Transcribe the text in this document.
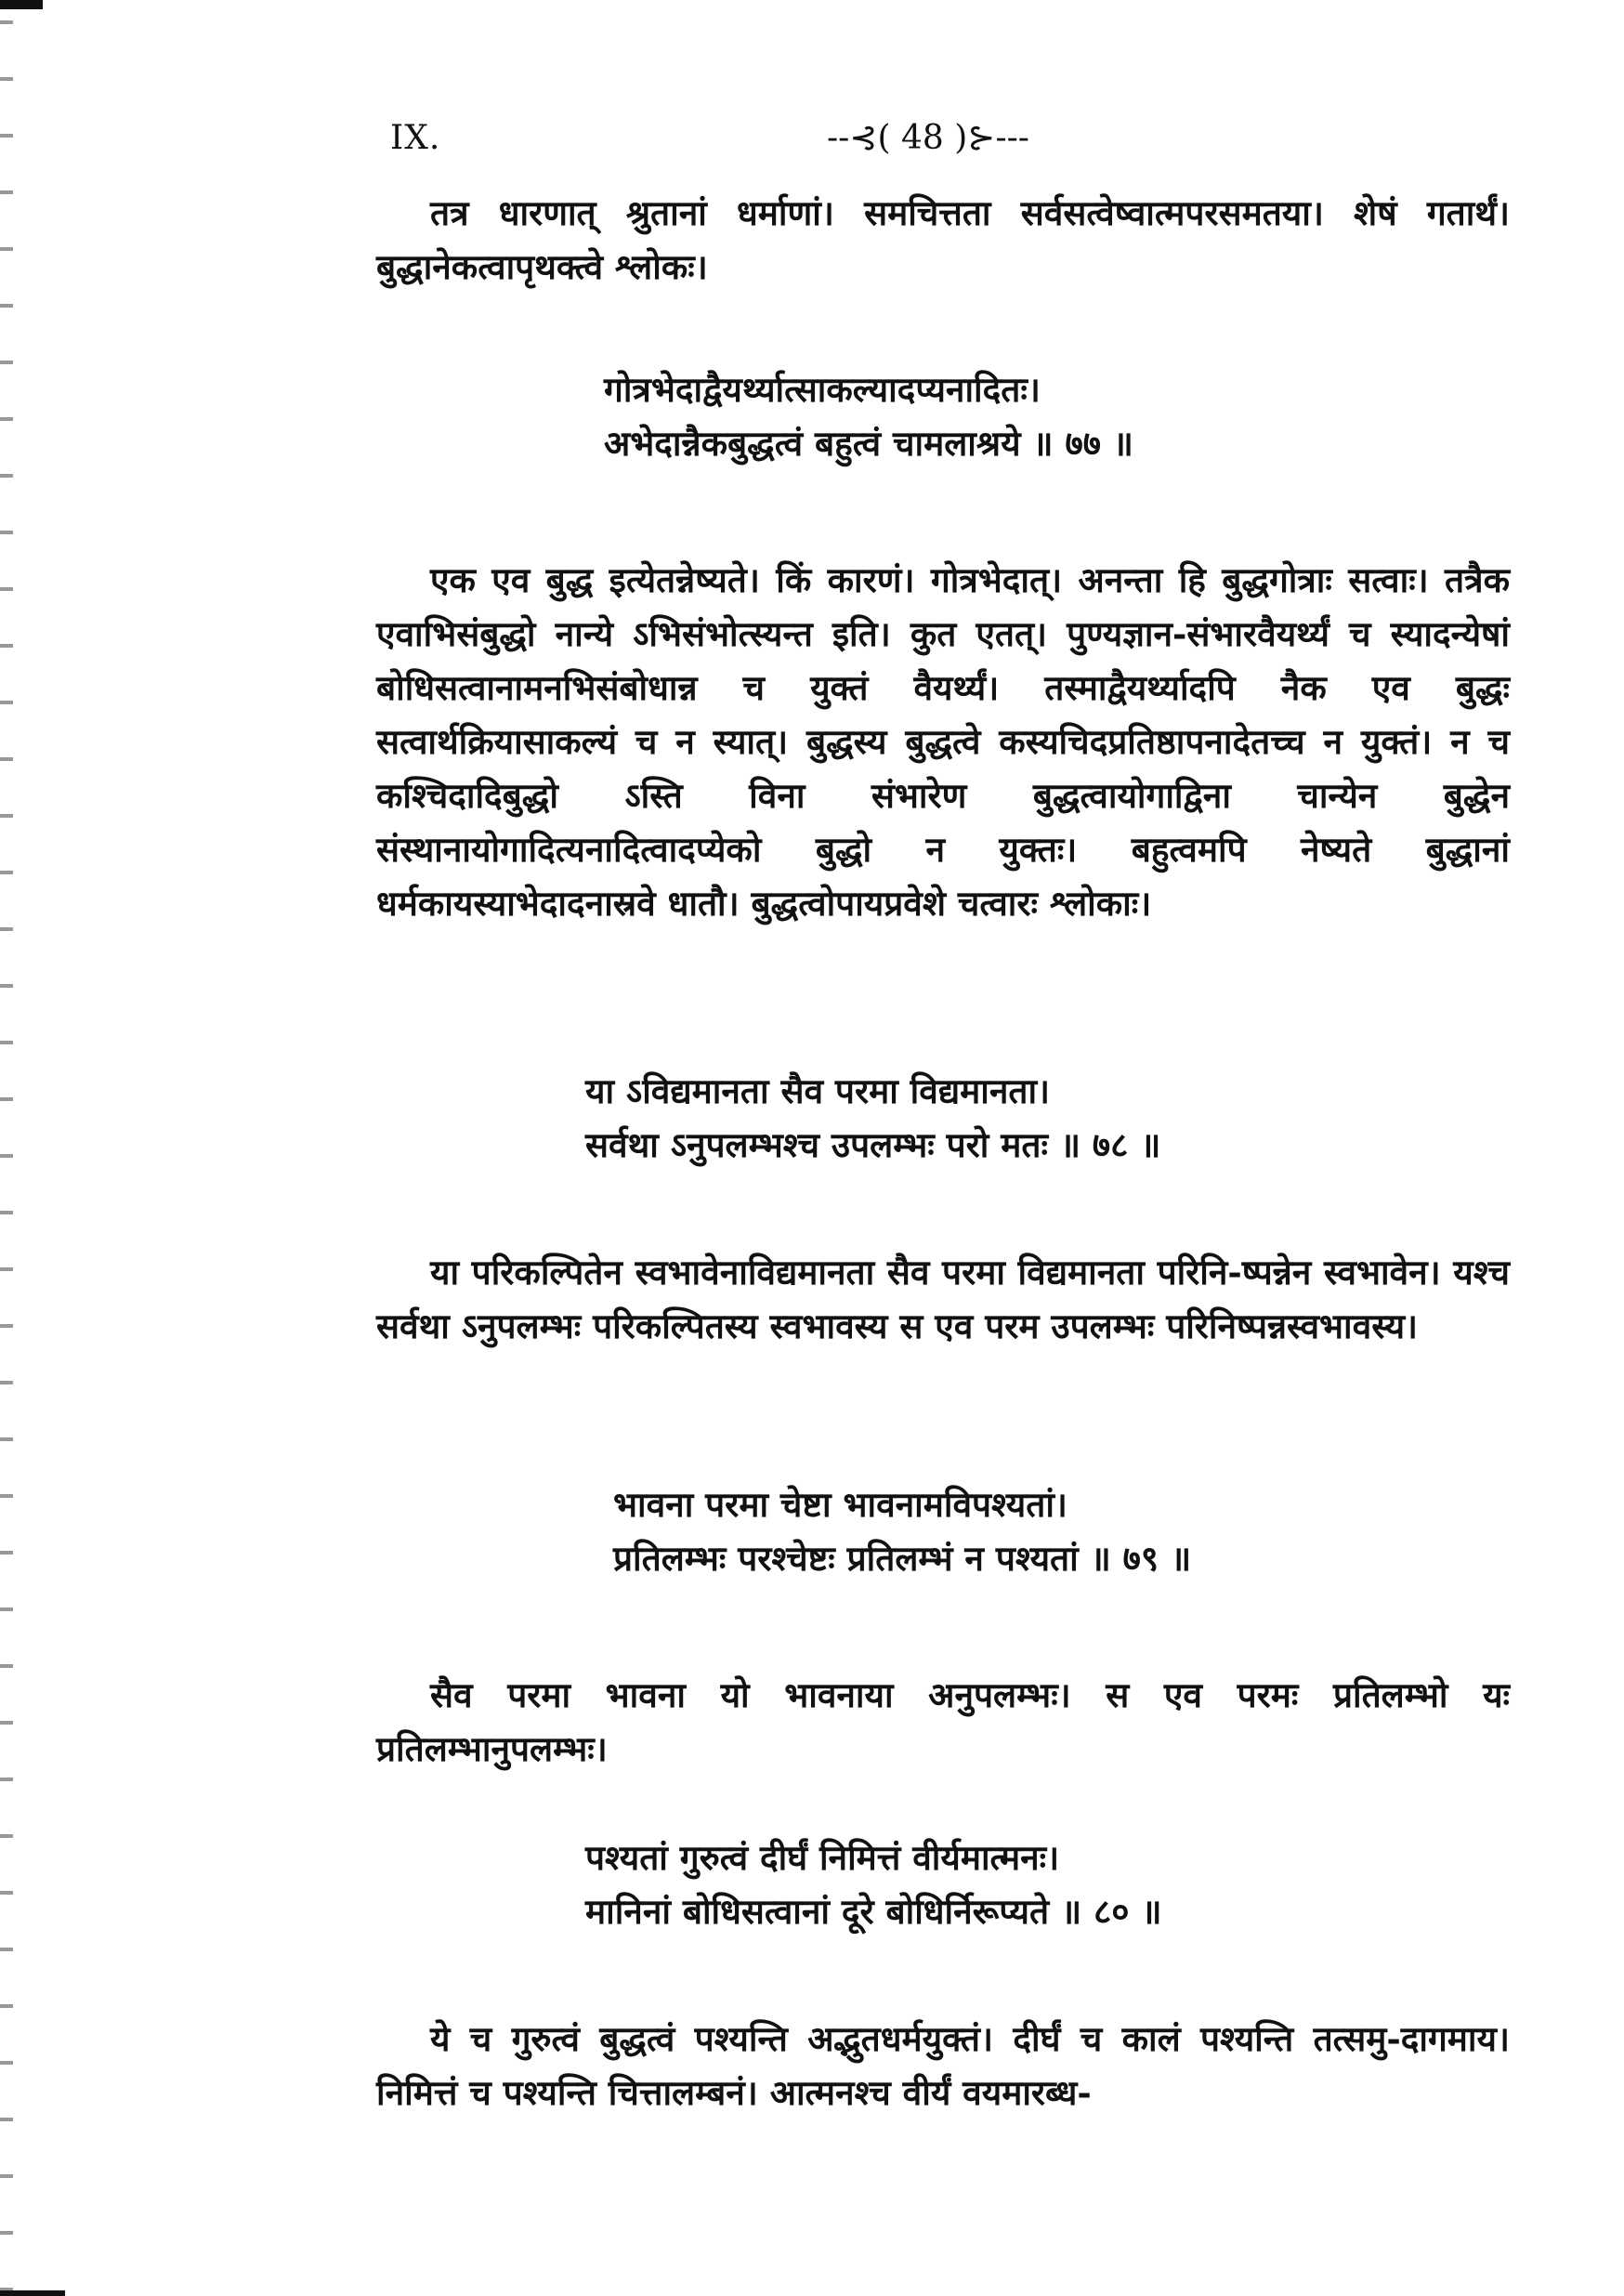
IX.	--⊰( 48 )⊱---

तत्र धारणात् श्रुतानां धर्माणां। समचित्तता सर्वसत्वेष्वात्मपरसमतया। शेषं गतार्थं। बुद्धानेकत्वापृथक्त्वे श्लोकः।

गोत्रभेदाद्वैयर्थ्यात्साकल्यादप्यनादितः।
अभेदान्नैकबुद्धत्वं बहुत्वं चामलाश्रये ॥ ७७ ॥

एक एव बुद्ध इत्येतन्नेष्यते। किं कारणं। गोत्रभेदात्। अनन्ता हि बुद्धगोत्राः सत्वाः। तत्रैक एवाभिसंबुद्धो नान्ये ऽभिसंभोत्स्यन्त इति। कुत एतत्। पुण्यज्ञान-संभारवैयर्थ्यं च स्यादन्येषां बोधिसत्वानामनभिसंबोधान्न च युक्तं वैयर्थ्यं। तस्माद्वैयर्थ्यादपि नैक एव बुद्धः सत्वार्थक्रियासाकल्यं च न स्यात्। बुद्धस्य बुद्धत्वे कस्यचिदप्रतिष्ठापनादेतच्च न युक्तं। न च कश्चिदादिबुद्धो ऽस्ति विना संभारेण बुद्धत्वायोगाद्विना चान्येन बुद्धेन संस्थानायोगादित्यनादित्वादप्येको बुद्धो न युक्तः। बहुत्वमपि नेष्यते बुद्धानां धर्मकायस्याभेदादनास्रवे धातौ। बुद्धत्वोपायप्रवेशे चत्वारः श्लोकाः।

या ऽविद्यमानता सैव परमा विद्यमानता।
सर्वथा ऽनुपलम्भश्च उपलम्भः परो मतः ॥ ७८ ॥

या परिकल्पितेन स्वभावेनाविद्यमानता सैव परमा विद्यमानता परिनि-ष्पन्नेन स्वभावेन। यश्च सर्वथा ऽनुपलम्भः परिकल्पितस्य स्वभावस्य स एव परम उपलम्भः परिनिष्पन्नस्वभावस्य।

भावना परमा चेष्टा भावनामविपश्यतां।
प्रतिलम्भः परश्चेष्टः प्रतिलम्भं न पश्यतां ॥ ७९ ॥

सैव परमा भावना यो भावनाया अनुपलम्भः। स एव परमः प्रतिलम्भो यः प्रतिलम्भानुपलम्भः।

पश्यतां गुरुत्वं दीर्घं निमित्तं वीर्यमात्मनः।
मानिनां बोधिसत्वानां दूरे बोधिर्निरूप्यते ॥ ८० ॥

ये च गुरुत्वं बुद्धत्वं पश्यन्ति अद्भुतधर्मयुक्तं। दीर्घं च कालं पश्यन्ति तत्समु-दागमाय। निमित्तं च पश्यन्ति चित्तालम्बनं। आत्मनश्च वीर्यं वयमारब्ध-
